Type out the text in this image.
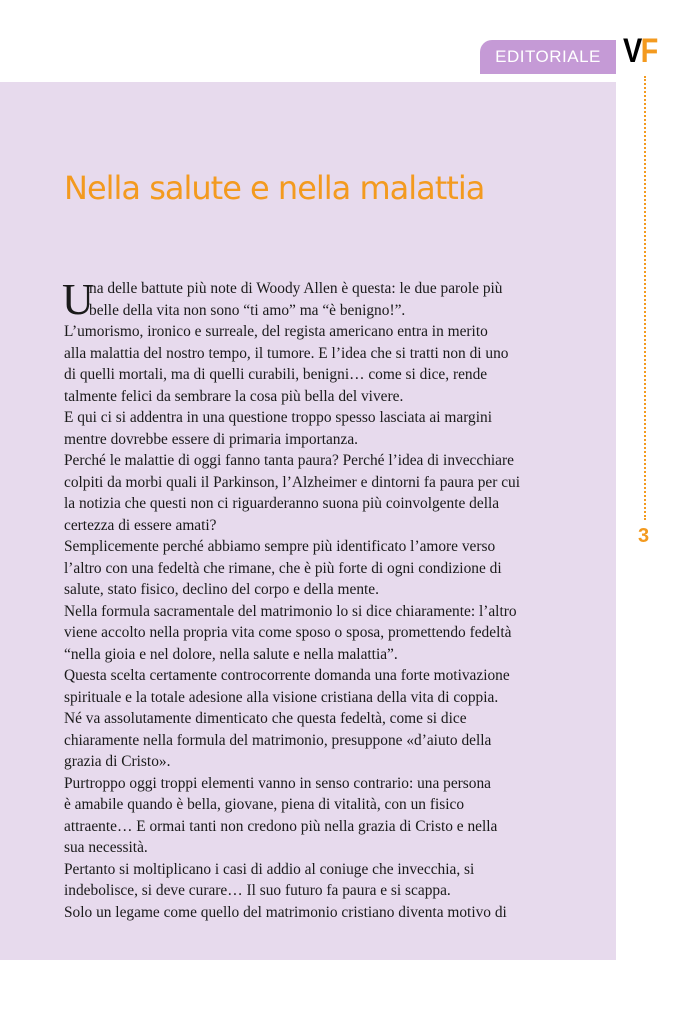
EDITORIALE VF
3
Nella salute e nella malattia
U
na delle battute più note di Woody Allen è questa: le due parole più
belle della vita non sono “ti amo” ma “è benigno!”.
L’umorismo, ironico e surreale, del regista americano entra in merito
alla malattia del nostro tempo, il tumore. E l’idea che si tratti non di uno
di quelli mortali, ma di quelli curabili, benigni… come si dice, rende
talmente felici da sembrare la cosa più bella del vivere.
E qui ci si addentra in una questione troppo spesso lasciata ai margini
mentre dovrebbe essere di primaria importanza.
Perché le malattie di oggi fanno tanta paura? Perché l’idea di invecchiare
colpiti da morbi quali il Parkinson, l’Alzheimer e dintorni fa paura per cui
la notizia che questi non ci riguarderanno suona più coinvolgente della
certezza di essere amati?
Semplicemente perché abbiamo sempre più identificato l’amore verso
l’altro con una fedeltà che rimane, che è più forte di ogni condizione di
salute, stato fisico, declino del corpo e della mente.
Nella formula sacramentale del matrimonio lo si dice chiaramente: l’altro
viene accolto nella propria vita come sposo o sposa, promettendo fedeltà
“nella gioia e nel dolore, nella salute e nella malattia”.
Questa scelta certamente controcorrente domanda una forte motivazione
spirituale e la totale adesione alla visione cristiana della vita di coppia.
Né va assolutamente dimenticato che questa fedeltà, come si dice
chiaramente nella formula del matrimonio, presuppone «d’aiuto della
grazia di Cristo».
Purtroppo oggi troppi elementi vanno in senso contrario: una persona
è amabile quando è bella, giovane, piena di vitalità, con un fisico
attraente… E ormai tanti non credono più nella grazia di Cristo e nella
sua necessità.
Pertanto si moltiplicano i casi di addio al coniuge che invecchia, si
indebolisce, si deve curare… Il suo futuro fa paura e si scappa.
Solo un legame come quello del matrimonio cristiano diventa motivo di
